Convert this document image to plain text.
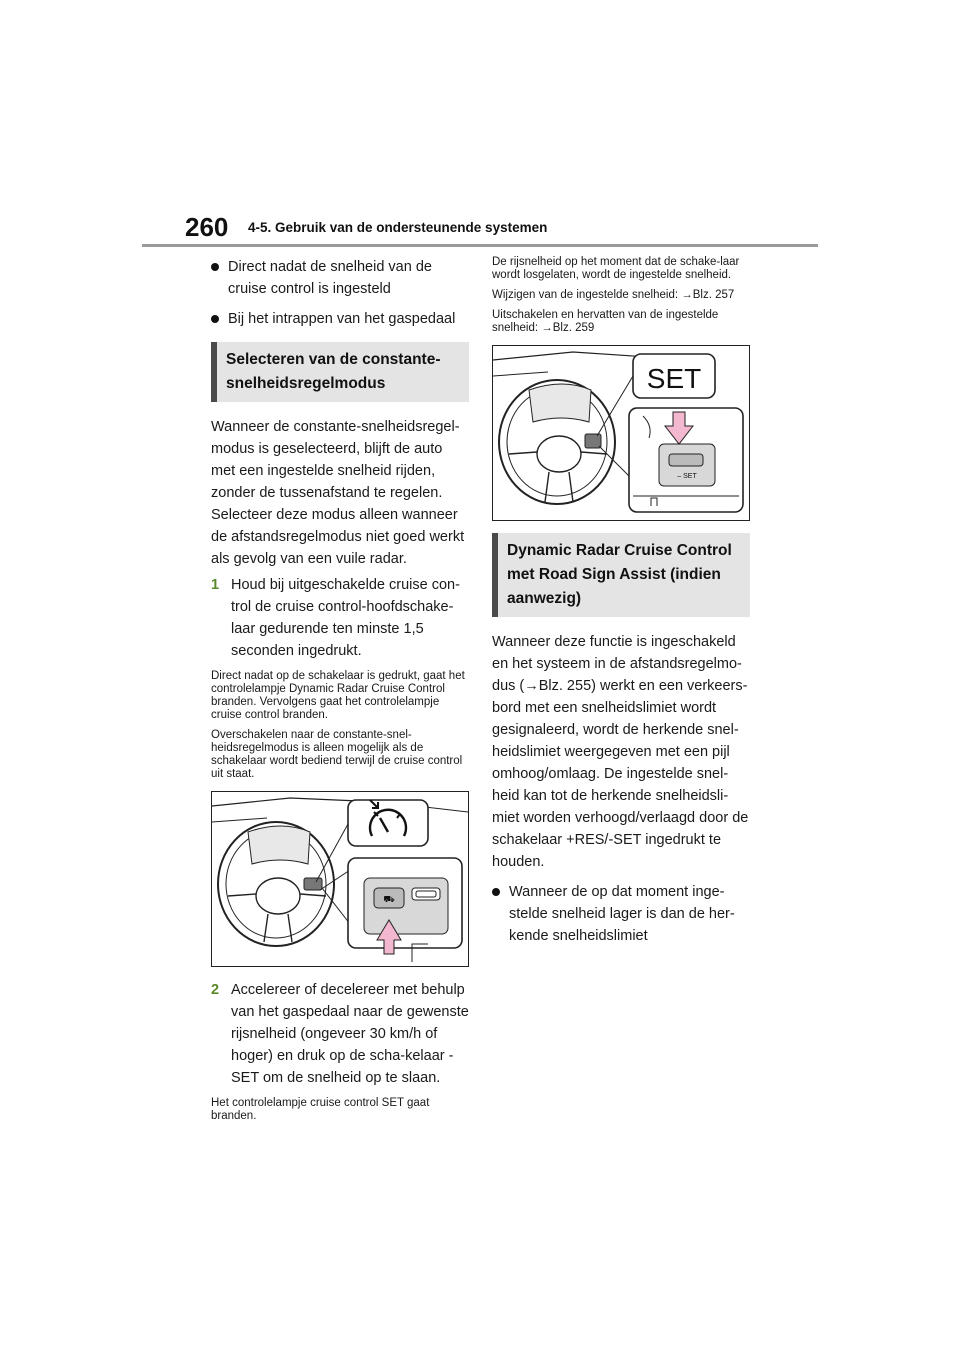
260 4-5. Gebruik van de ondersteunende systemen
Direct nadat de snelheid van de cruise control is ingesteld
Bij het intrappen van het gaspedaal
Selecteren van de constante-snelheidsregelmodus

Wanneer de constante-snelheidsregel-modus is geselecteerd, blijft de auto met een ingestelde snelheid rijden, zonder de tussenafstand te regelen. Selecteer deze modus alleen wanneer de afstandsregelmodus niet goed werkt als gevolg van een vuile radar.

1 Houd bij uitgeschakelde cruise con-trol de cruise control-hoofdschake-laar gedurende ten minste 1,5 seconden ingedrukt.

Direct nadat op de schakelaar is gedrukt, gaat het controlelampje Dynamic Radar Cruise Control branden. Vervolgens gaat het controlelampje cruise control branden.

Overschakelen naar de constante-snel-heidsregelmodus is alleen mogelijk als de schakelaar wordt bediend terwijl de cruise control uit staat.

⛟
2 Accelereer of decelereer met behulp van het gaspedaal naar de gewenste rijsnelheid (ongeveer 30 km/h of hoger) en druk op de scha-kelaar -SET om de snelheid op te slaan.

Het controlelampje cruise control SET gaat branden.

De rijsnelheid op het moment dat de schake-laar wordt losgelaten, wordt de ingestelde snelheid.

Wijzigen van de ingestelde snelheid: →Blz. 257

Uitschakelen en hervatten van de ingestelde snelheid: →Blz. 259

SET
– SET
Dynamic Radar Cruise Control met Road Sign Assist (indien aanwezig)

Wanneer deze functie is ingeschakeld en het systeem in de afstandsregelmo-dus (→Blz. 255) werkt en een verkeers-bord met een snelheidslimiet wordt gesignaleerd, wordt de herkende snel-heidslimiet weergegeven met een pijl omhoog/omlaag. De ingestelde snel-heid kan tot de herkende snelheidsli-miet worden verhoogd/verlaagd door de schakelaar +RES/-SET ingedrukt te houden.

Wanneer de op dat moment inge-stelde snelheid lager is dan de her-kende snelheidslimiet
